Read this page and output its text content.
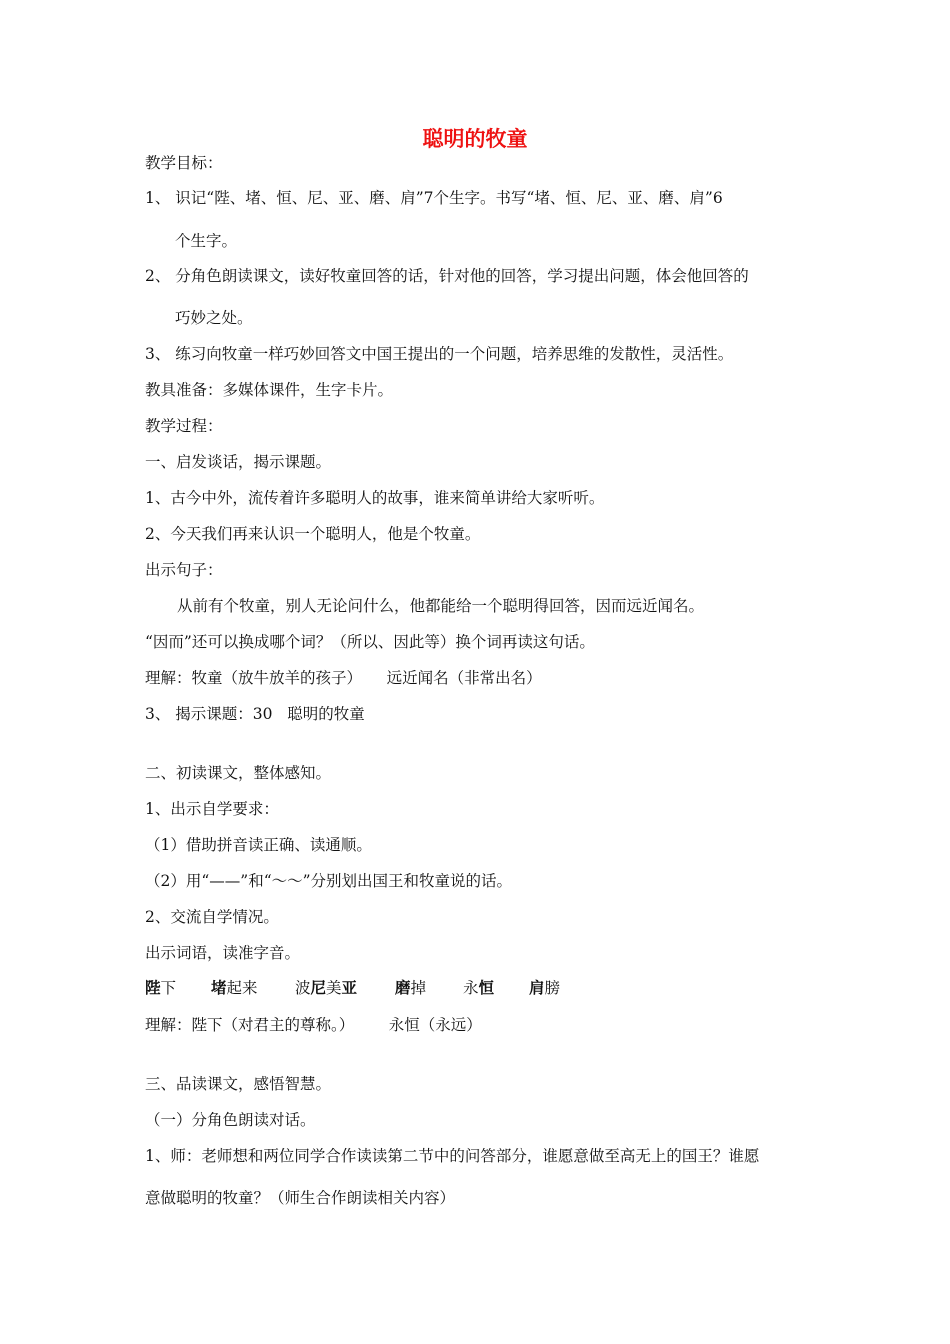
聪明的牧童
教学目标：
1、 识记“陛、堵、恒、尼、亚、磨、肩”7个生字。书写“堵、恒、尼、亚、磨、肩”6
个生字。
2、 分角色朗读课文，读好牧童回答的话，针对他的回答，学习提出问题，体会他回答的
巧妙之处。
3、 练习向牧童一样巧妙回答文中国王提出的一个问题，培养思维的发散性，灵活性。
教具准备：多媒体课件，生字卡片。
教学过程：
一、启发谈话，揭示课题。
1、古今中外，流传着许多聪明人的故事，谁来简单讲给大家听听。
2、今天我们再来认识一个聪明人，他是个牧童。
出示句子：
从前有个牧童，别人无论问什么，他都能给一个聪明得回答，因而远近闻名。
“因而”还可以换成哪个词？（所以、因此等）换个词再读这句话。
理解：牧童（放牛放羊的孩子）     远近闻名（非常出名）
3、 揭示课题：30   聪明的牧童
二、初读课文，整体感知。
1、出示自学要求：
（1）借助拼音读正确、读通顺。
（2）用“——”和“～～”分别划出国王和牧童说的话。
2、交流自学情况。
出示词语，读准字音。
陛下 堵起来 波尼美亚 磨掉 永恒 肩膀
理解：陛下（对君主的尊称。）       永恒（永远）
三、品读课文，感悟智慧。
（一）分角色朗读对话。
1、师：老师想和两位同学合作读读第二节中的问答部分，谁愿意做至高无上的国王？谁愿
意做聪明的牧童？（师生合作朗读相关内容）
